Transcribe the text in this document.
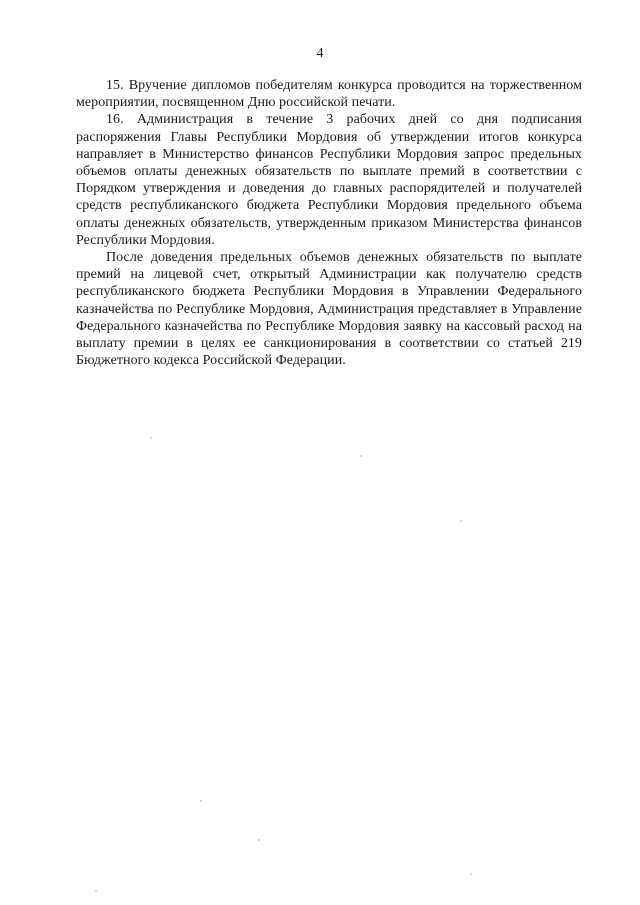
4

15. Вручение дипломов победителям конкурса проводится на торжественном мероприятии, посвященном Дню российской печати.

16. Администрация в течение 3 рабочих дней со дня подписания распоряжения Главы Республики Мордовия об утверждении итогов конкурса направляет в Министерство финансов Республики Мордовия запрос предельных объемов оплаты денежных обязательств по выплате премий в соответствии с Порядком утверждения и доведения до главных распорядителей и получателей средств республиканского бюджета Республики Мордовия предельного объема оплаты денежных обязательств, утвержденным приказом Министерства финансов Республики Мордовия.

После доведения предельных объемов денежных обязательств по выплате премий на лицевой счет, открытый Администрации как получателю средств республиканского бюджета Республики Мордовия в Управлении Федерального казначейства по Республике Мордовия, Администрация представляет в Управление Федерального казначейства по Республике Мордовия заявку на кассовый расход на выплату премии в целях ее санкционирования в соответствии со статьей 219 Бюджетного кодекса Российской Федерации.
